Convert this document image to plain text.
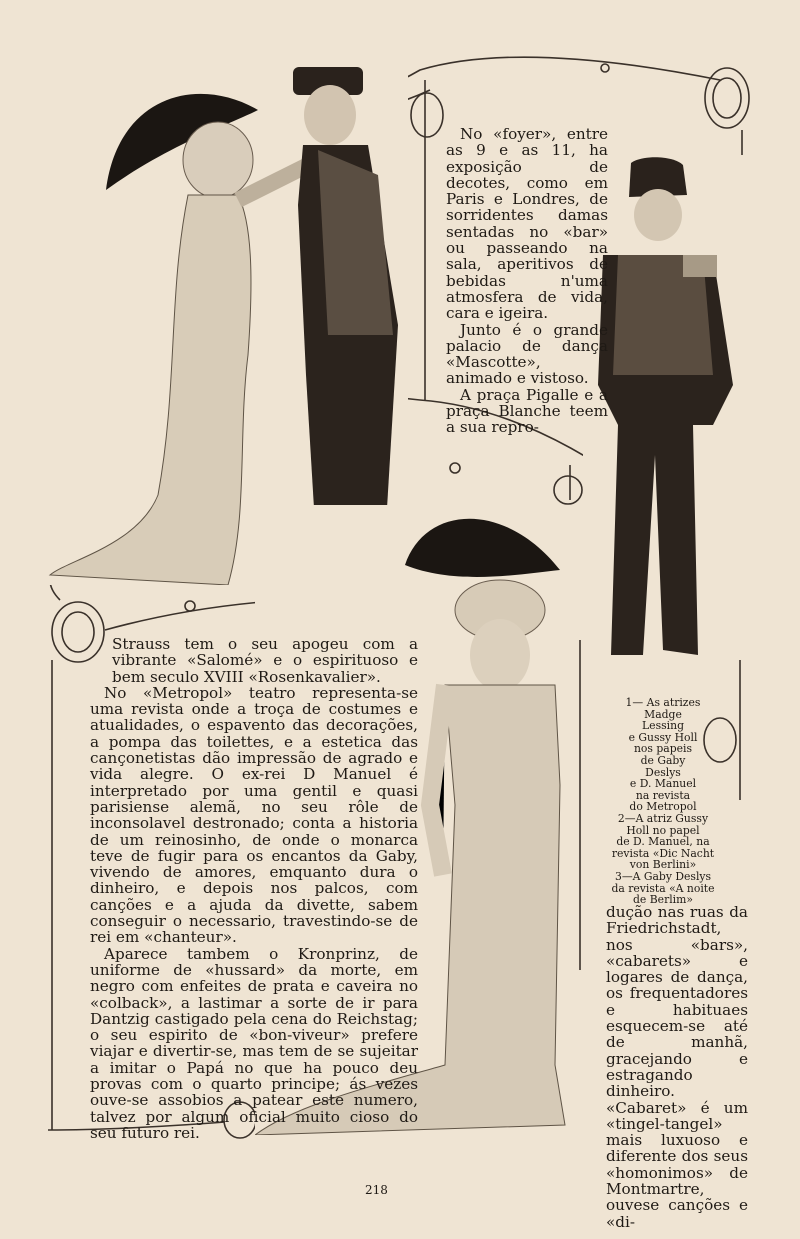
No «foyer», entre as 9 e as 11, ha exposição de decotes, como em Paris e Londres, de sorridentes damas sentadas no «bar» ou passeando na sala, aperitivos de bebidas n'uma atmosfera de vida, cara e igeira.

Junto é o grande palacio de dança «Mascotte», animado e vistoso.

A praça Pigalle e a praça Blanche teem a sua repro-

Strauss tem o seu apogeu com a vibrante «Salomé» e o espirituoso e bem seculo XVIII «Rosenkavalier».

No «Metropol» teatro representa-se uma revista onde a troça de costumes e atualidades, o espavento das decorações, a pompa das toilettes, e a estetica das cançonetistas dão impressão de agrado e vida alegre. O ex-rei D Manuel é interpretado por uma gentil e quasi parisiense alemã, no seu rôle de inconsolavel destronado; conta a historia de um reinosinho, de onde o monarca teve de fugir para os encantos da Gaby, vivendo de amores, emquanto dura o dinheiro, e depois nos palcos, com canções e a ajuda da divette, sabem conseguir o necessario, travestindo-se de rei em «chanteur».

Aparece tambem o Kronprinz, de uniforme de «hussard» da morte, em negro com enfeites de prata e caveira no «colback», a lastimar a sorte de ir para Dantzig castigado pela cena do Reichstag; o seu espirito de «bon-viveur» prefere viajar e divertir-se, mas tem de se sujeitar a imitar o Papá no que ha pouco deu provas com o quarto principe; ás vezes ouve-se assobios a patear este numero, talvez por algum oficial muito cioso do seu futuro rei.

1— As atrizes

Madge

Lessing

e Gussy Holl

nos papeis

de Gaby

Deslys

e D. Manuel

na revista

do Metropol

2—A atriz Gussy

Holl no papel

de D. Manuel, na

revista «Dic Nacht

von Berlini»

3—A Gaby Deslys

da revista «A noite

de Berlim»

dução nas ruas da Friedrichstadt, nos «bars», «cabarets» e logares de dança, os frequentadores e habituaes esquecem-se até de manhã, gracejando e estragando dinheiro. «Cabaret» é um «tingel-tangel» mais luxuoso e diferente dos seus «homonimos» de Montmartre, ouvese canções e «di-

218
